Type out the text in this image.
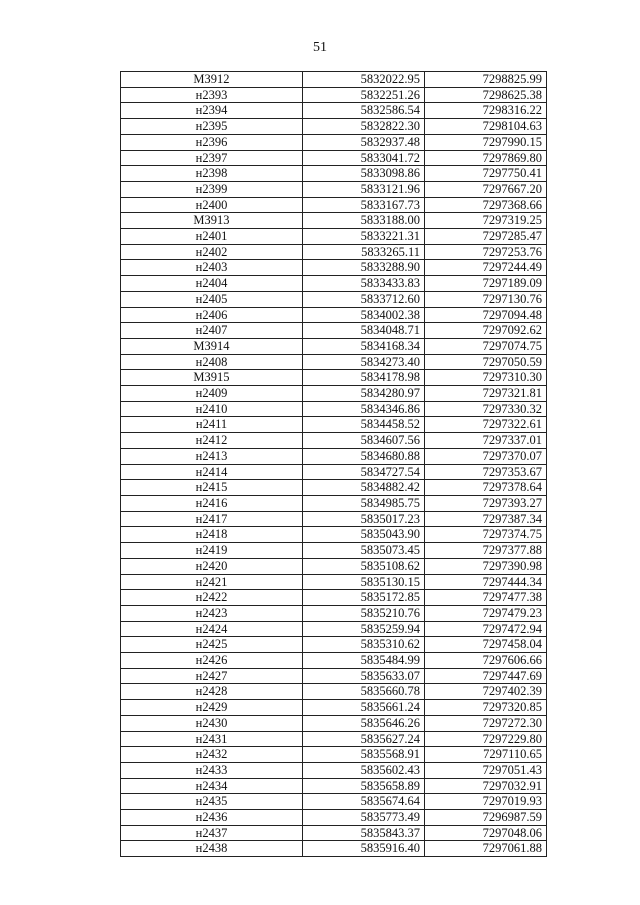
51
МЗ912	5832022.95	7298825.99
н2393	5832251.26	7298625.38
н2394	5832586.54	7298316.22
н2395	5832822.30	7298104.63
н2396	5832937.48	7297990.15
н2397	5833041.72	7297869.80
н2398	5833098.86	7297750.41
н2399	5833121.96	7297667.20
н2400	5833167.73	7297368.66
МЗ913	5833188.00	7297319.25
н2401	5833221.31	7297285.47
н2402	5833265.11	7297253.76
н2403	5833288.90	7297244.49
н2404	5833433.83	7297189.09
н2405	5833712.60	7297130.76
н2406	5834002.38	7297094.48
н2407	5834048.71	7297092.62
МЗ914	5834168.34	7297074.75
н2408	5834273.40	7297050.59
МЗ915	5834178.98	7297310.30
н2409	5834280.97	7297321.81
н2410	5834346.86	7297330.32
н2411	5834458.52	7297322.61
н2412	5834607.56	7297337.01
н2413	5834680.88	7297370.07
н2414	5834727.54	7297353.67
н2415	5834882.42	7297378.64
н2416	5834985.75	7297393.27
н2417	5835017.23	7297387.34
н2418	5835043.90	7297374.75
н2419	5835073.45	7297377.88
н2420	5835108.62	7297390.98
н2421	5835130.15	7297444.34
н2422	5835172.85	7297477.38
н2423	5835210.76	7297479.23
н2424	5835259.94	7297472.94
н2425	5835310.62	7297458.04
н2426	5835484.99	7297606.66
н2427	5835633.07	7297447.69
н2428	5835660.78	7297402.39
н2429	5835661.24	7297320.85
н2430	5835646.26	7297272.30
н2431	5835627.24	7297229.80
н2432	5835568.91	7297110.65
н2433	5835602.43	7297051.43
н2434	5835658.89	7297032.91
н2435	5835674.64	7297019.93
н2436	5835773.49	7296987.59
н2437	5835843.37	7297048.06
н2438	5835916.40	7297061.88
